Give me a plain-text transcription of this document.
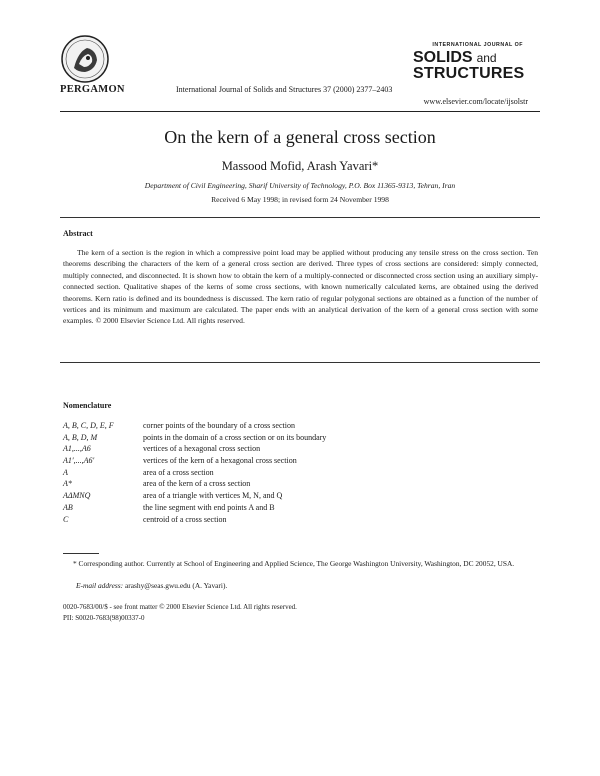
PERGAMON	International Journal of Solids and Structures 37 (2000) 2377–2403
INTERNATIONAL JOURNAL OF
SOLIDS and
STRUCTURES
www.elsevier.com/locate/ijsolstr
On the kern of a general cross section
Massood Mofid, Arash Yavari*
Department of Civil Engineering, Sharif University of Technology, P.O. Box 11365-9313, Tehran, Iran
Received 6 May 1998; in revised form 24 November 1998
Abstract

The kern of a section is the region in which a compressive point load may be applied without producing any tensile stress on the cross section. Ten theorems describing the characters of the kern of a general cross section are derived. Three types of cross sections are considered: simply connected, multiply connected, and disconnected. It is shown how to obtain the kern of a multiply-connected or disconnected cross section using an auxiliary simply-connected section. Qualitative shapes of the kerns of some cross sections, with known numerically calculated kerns, are obtained using the derived theorems. Kern ratio is defined and its boundedness is discussed. The kern ratio of regular polygonal sections are obtained as a function of the number of vertices and its minimum and maximum are calculated. The paper ends with an analytical derivation of the kern of a general cross section with some examples. © 2000 Elsevier Science Ltd. All rights reserved.

Nomenclature
A, B, C, D, E, F	corner points of the boundary of a cross section
A, B, D, M	points in the domain of a cross section or on its boundary
A1,...,A6	vertices of a hexagonal cross section
A1′,...,A6′	vertices of the kern of a hexagonal cross section
A	area of a cross section
A*	area of the kern of a cross section
AΔMNQ	area of a triangle with vertices M, N, and Q
AB	the line segment with end points A and B
C	centroid of a cross section

* Corresponding author. Currently at School of Engineering and Applied Science, The George Washington University, Washington, DC 20052, USA.

E-mail address: arashy@seas.gwu.edu (A. Yavari).
0020-7683/00/$ - see front matter © 2000 Elsevier Science Ltd. All rights reserved.
PII: S0020-7683(98)00337-0
